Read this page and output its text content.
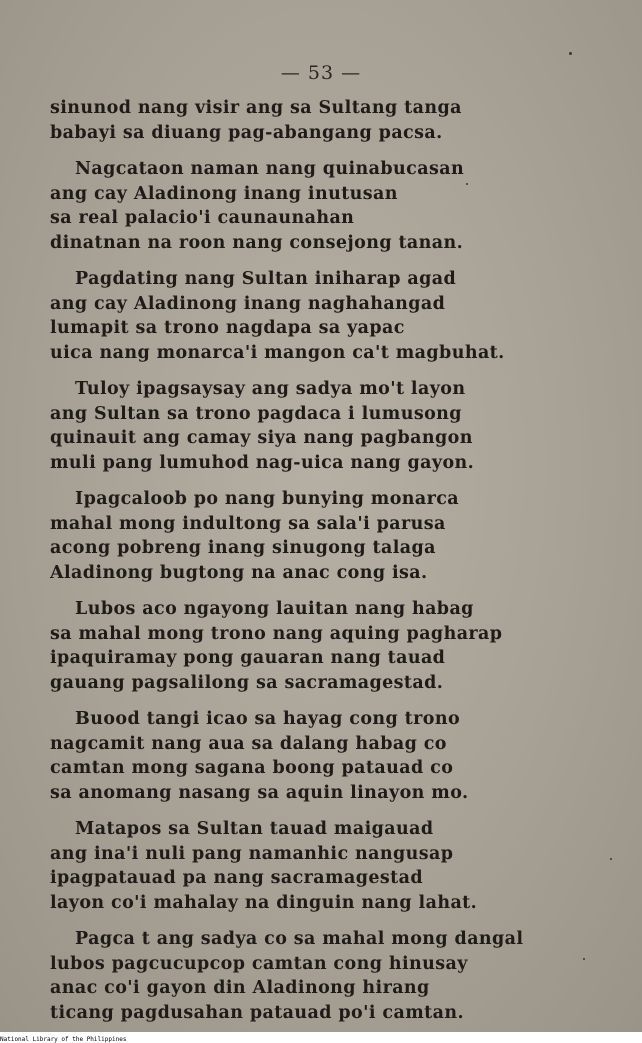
— 53 —
sinunod nang visir ang sa Sultang tanga
babayi sa diuang pag-abangang pacsa.
Nagcataon naman nang quinabucasan
ang cay Aladinong inang inutusan
sa real palacio'i caunaunahan
dinatnan na roon nang consejong tanan.
Pagdating nang Sultan iniharap agad
ang cay Aladinong inang naghahangad
lumapit sa trono nagdapa sa yapac
uica nang monarca'i mangon ca't magbuhat.
Tuloy ipagsaysay ang sadya mo't layon
ang Sultan sa trono pagdaca i lumusong
quinauit ang camay siya nang pagbangon
muli pang lumuhod nag-uica nang gayon.
Ipagcaloob po nang bunying monarca
mahal mong indultong sa sala'i parusa
acong pobreng inang sinugong talaga
Aladinong bugtong na anac cong isa.
Lubos aco ngayong lauitan nang habag
sa mahal mong trono nang aquing pagharap
ipaquiramay pong gauaran nang tauad
gauang pagsalilong sa sacramagestad.
Buood tangi icao sa hayag cong trono
nagcamit nang aua sa dalang habag co
camtan mong sagana boong patauad co
sa anomang nasang sa aquin linayon mo.
Matapos sa Sultan tauad maigauad
ang ina'i nuli pang namanhic nangusap
ipagpatauad pa nang sacramagestad
layon co'i mahalay na dinguin nang lahat.
Pagca t ang sadya co sa mahal mong dangal
lubos pagcucupcop camtan cong hinusay
anac co'i gayon din Aladinong hirang
ticang pagdusahan patauad po'i camtan.
National Library of the Philippines
